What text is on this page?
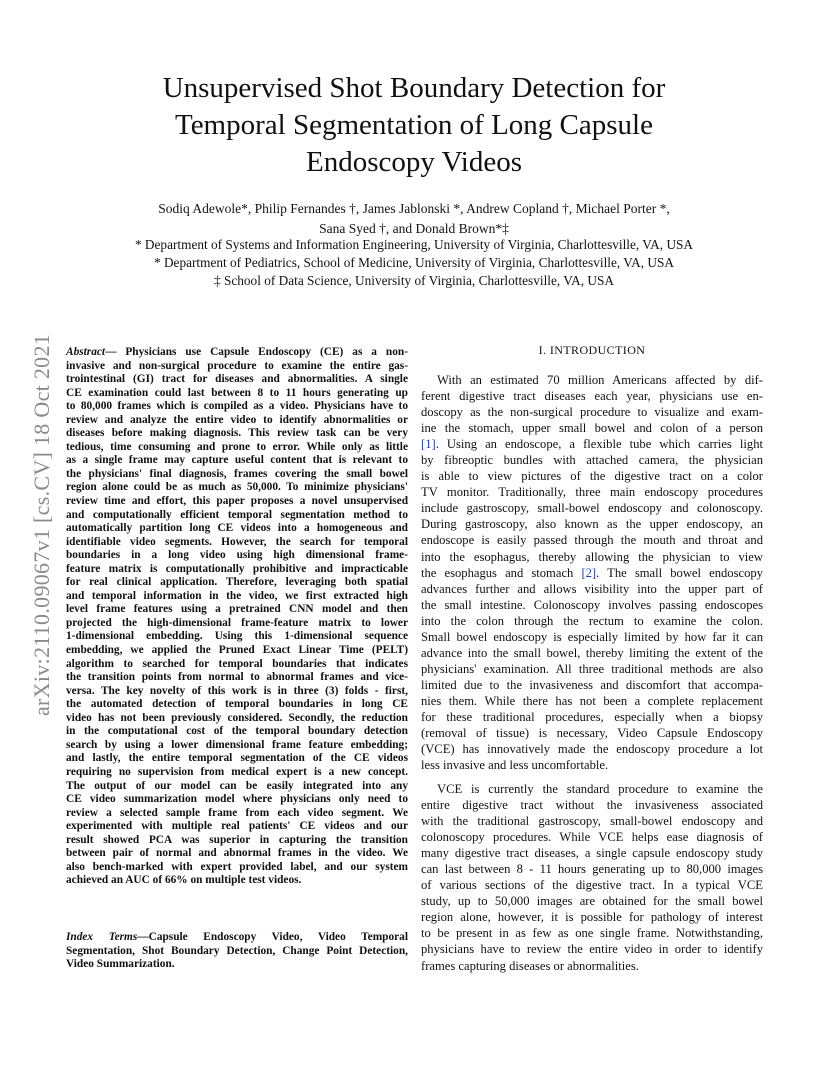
arXiv:2110.09067v1 [cs.CV] 18 Oct 2021
Unsupervised Shot Boundary Detection for
Temporal Segmentation of Long Capsule
Endoscopy Videos
Sodiq Adewole*, Philip Fernandes †, James Jablonski *, Andrew Copland †, Michael Porter *,
Sana Syed †, and Donald Brown*‡
* Department of Systems and Information Engineering, University of Virginia, Charlottesville, VA, USA
* Department of Pediatrics, School of Medicine, University of Virginia, Charlottesville, VA, USA
‡ School of Data Science, University of Virginia, Charlottesville, VA, USA
Abstract— Physicians use Capsule Endoscopy (CE) as a non-
invasive and non-surgical procedure to examine the entire gas-
trointestinal (GI) tract for diseases and abnormalities. A single
CE examination could last between 8 to 11 hours generating up
to 80,000 frames which is compiled as a video. Physicians have to
review and analyze the entire video to identify abnormalities or
diseases before making diagnosis. This review task can be very
tedious, time consuming and prone to error. While only as little
as a single frame may capture useful content that is relevant to
the physicians' final diagnosis, frames covering the small bowel
region alone could be as much as 50,000. To minimize physicians'
review time and effort, this paper proposes a novel unsupervised
and computationally efficient temporal segmentation method to
automatically partition long CE videos into a homogeneous and
identifiable video segments. However, the search for temporal
boundaries in a long video using high dimensional frame-
feature matrix is computationally prohibitive and impracticable
for real clinical application. Therefore, leveraging both spatial
and temporal information in the video, we first extracted high
level frame features using a pretrained CNN model and then
projected the high-dimensional frame-feature matrix to lower
1-dimensional embedding. Using this 1-dimensional sequence
embedding, we applied the Pruned Exact Linear Time (PELT)
algorithm to searched for temporal boundaries that indicates
the transition points from normal to abnormal frames and vice-
versa. The key novelty of this work is in three (3) folds - first,
the automated detection of temporal boundaries in long CE
video has not been previously considered. Secondly, the reduction
in the computational cost of the temporal boundary detection
search by using a lower dimensional frame feature embedding;
and lastly, the entire temporal segmentation of the CE videos
requiring no supervision from medical expert is a new concept.
The output of our model can be easily integrated into any
CE video summarization model where physicians only need to
review a selected sample frame from each video segment. We
experimented with multiple real patients' CE videos and our
result showed PCA was superior in capturing the transition
between pair of normal and abnormal frames in the video. We
also bench-marked with expert provided label, and our system
achieved an AUC of 66% on multiple test videos.
Index Terms—Capsule Endoscopy Video, Video Temporal
Segmentation, Shot Boundary Detection, Change Point Detection,
Video Summarization.
I. INTRODUCTION
With an estimated 70 million Americans affected by dif-
ferent digestive tract diseases each year, physicians use en-
doscopy as the non-surgical procedure to visualize and exam-
ine the stomach, upper small bowel and colon of a person
[1]. Using an endoscope, a flexible tube which carries light
by fibreoptic bundles with attached camera, the physician
is able to view pictures of the digestive tract on a color
TV monitor. Traditionally, three main endoscopy procedures
include gastroscopy, small-bowel endoscopy and colonoscopy.
During gastroscopy, also known as the upper endoscopy, an
endoscope is easily passed through the mouth and throat and
into the esophagus, thereby allowing the physician to view
the esophagus and stomach [2]. The small bowel endoscopy
advances further and allows visibility into the upper part of
the small intestine. Colonoscopy involves passing endoscopes
into the colon through the rectum to examine the colon.
Small bowel endoscopy is especially limited by how far it can
advance into the small bowel, thereby limiting the extent of the
physicians' examination. All three traditional methods are also
limited due to the invasiveness and discomfort that accompa-
nies them. While there has not been a complete replacement
for these traditional procedures, especially when a biopsy
(removal of tissue) is necessary, Video Capsule Endoscopy
(VCE) has innovatively made the endoscopy procedure a lot
less invasive and less uncomfortable.
VCE is currently the standard procedure to examine the
entire digestive tract without the invasiveness associated
with the traditional gastroscopy, small-bowel endoscopy and
colonoscopy procedures. While VCE helps ease diagnosis of
many digestive tract diseases, a single capsule endoscopy study
can last between 8 - 11 hours generating up to 80,000 images
of various sections of the digestive tract. In a typical VCE
study, up to 50,000 images are obtained for the small bowel
region alone, however, it is possible for pathology of interest
to be present in as few as one single frame. Notwithstanding,
physicians have to review the entire video in order to identify
frames capturing diseases or abnormalities.
